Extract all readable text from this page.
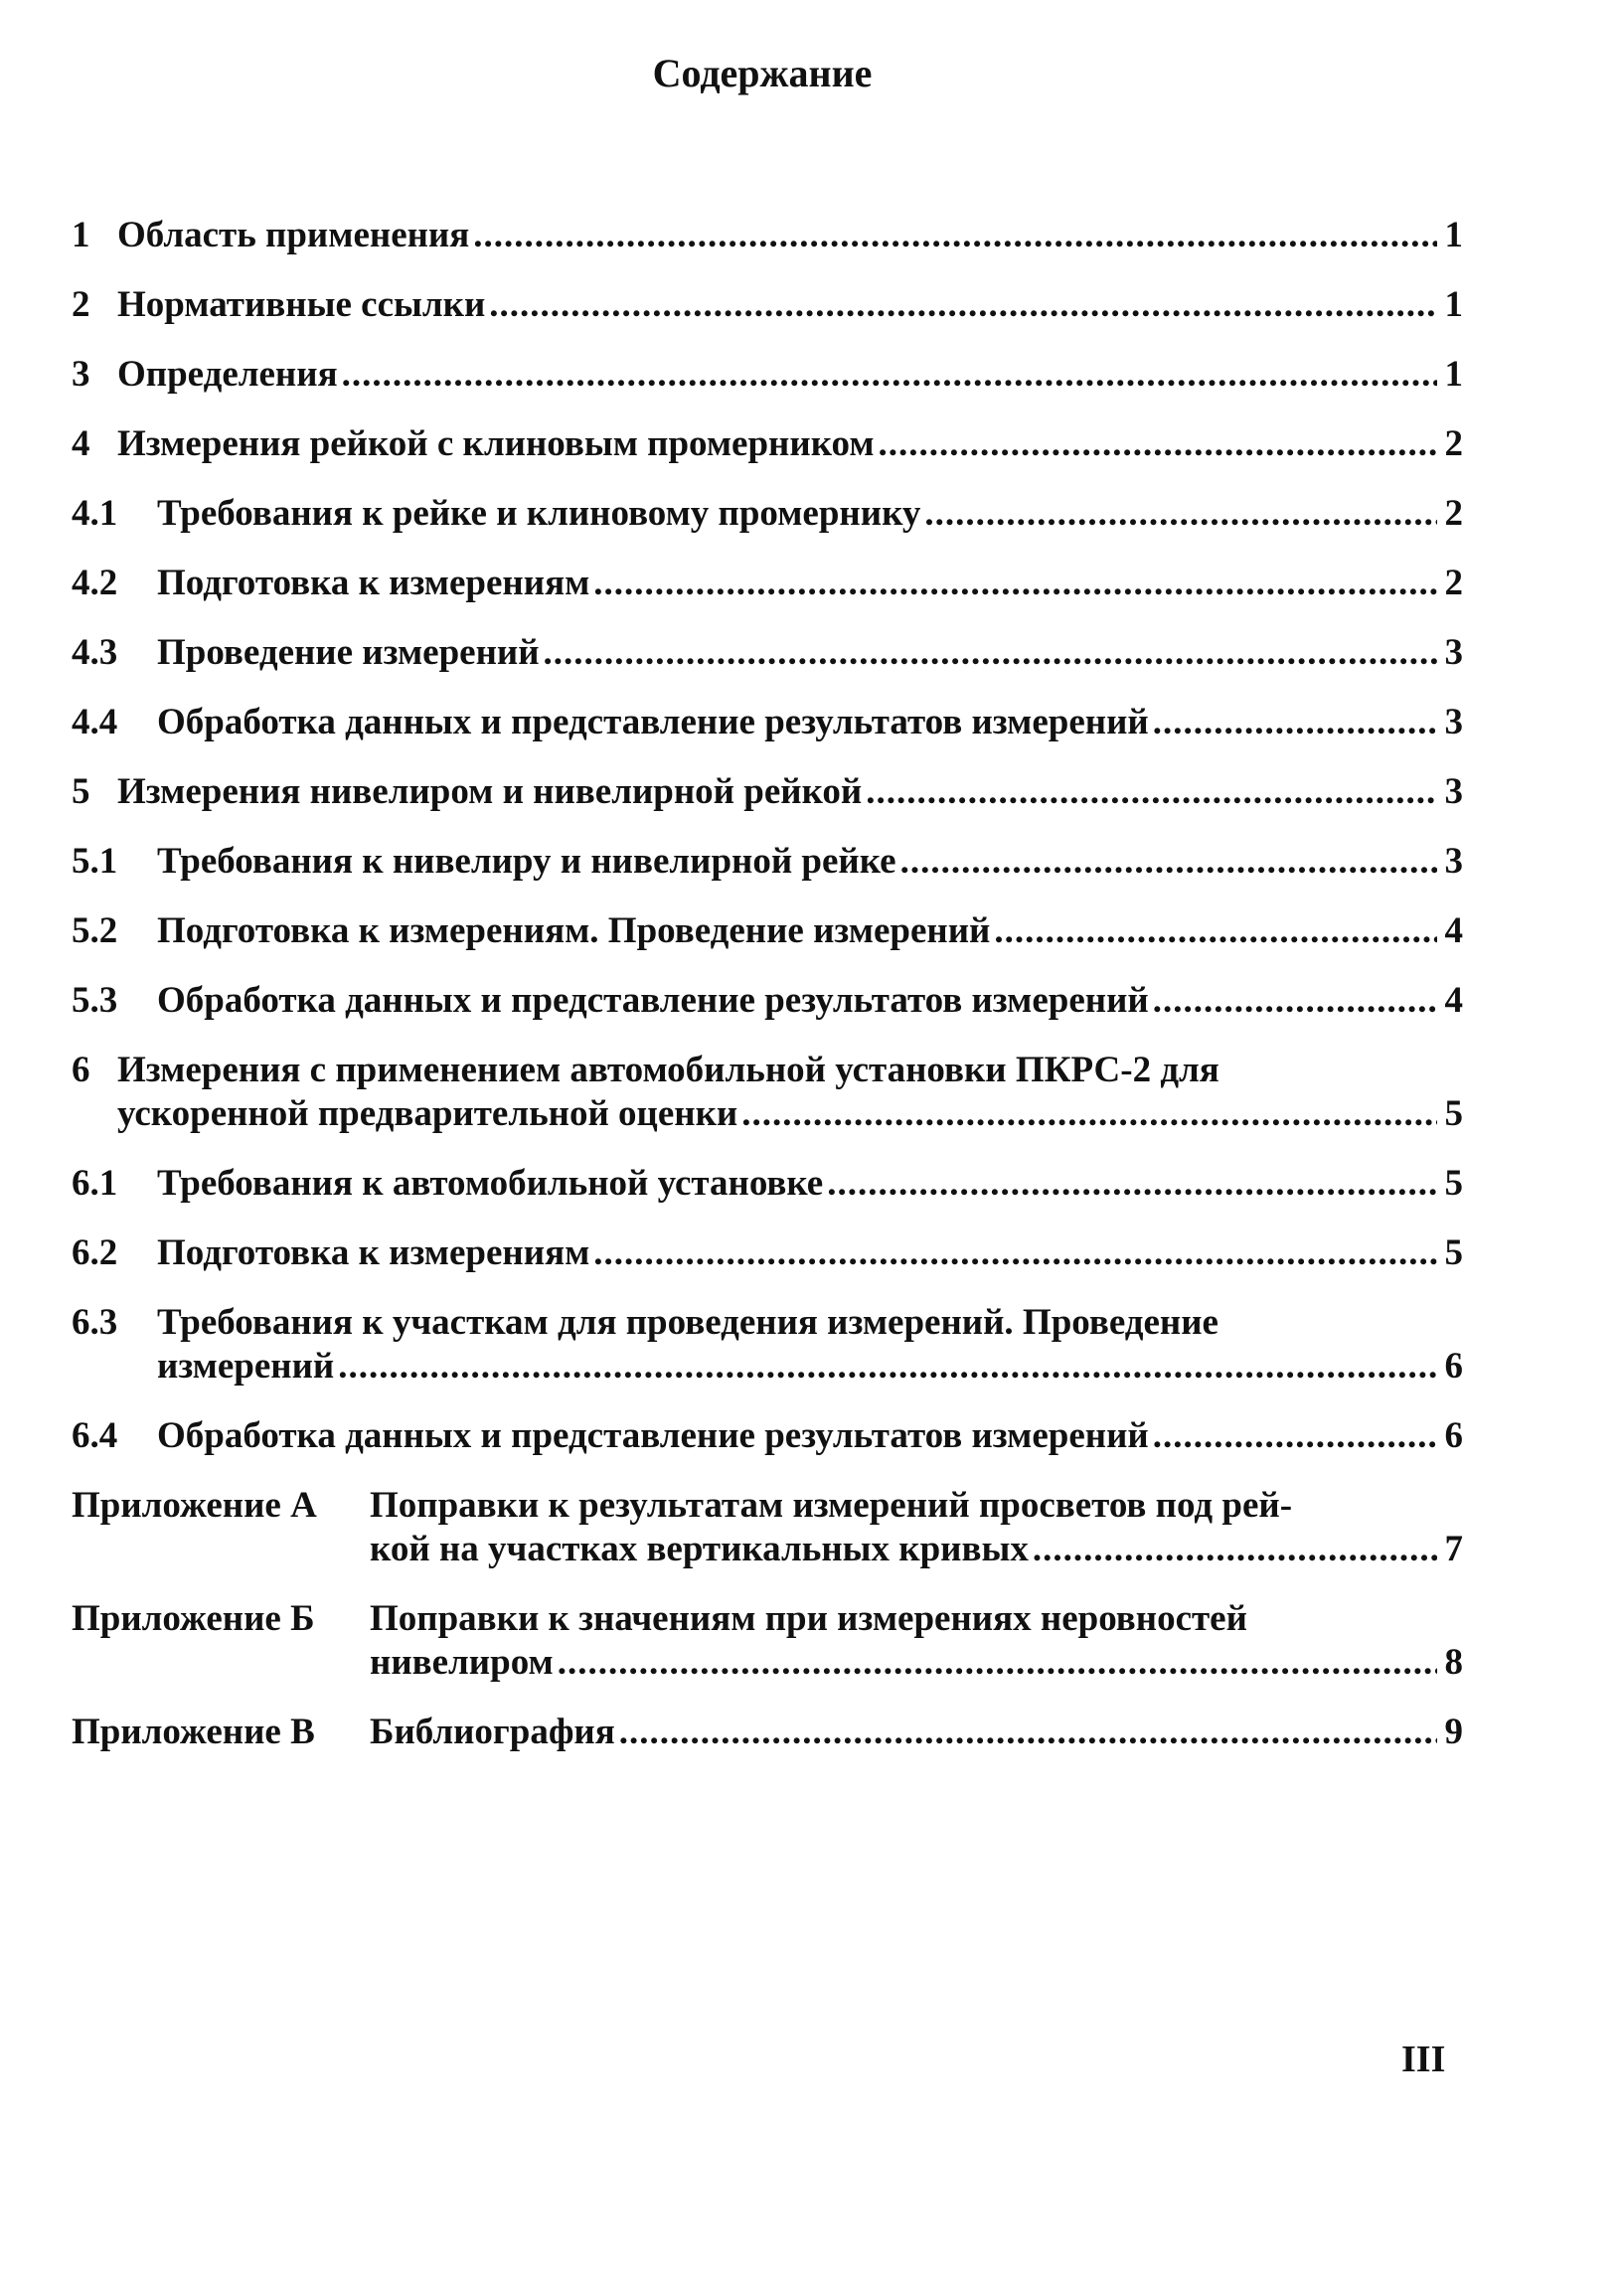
Содержание
1 Область применения .....	1
2 Нормативные ссылки .....	1
3 Определения .....	1
4 Измерения рейкой с клиновым промерником .....	2
4.1	Требования к рейке и клиновому промернику .....	2
4.2	Подготовка к измерениям .....	2
4.3	Проведение измерений .....	3
4.4	Обработка данных и представление результатов измерений .....	3
5 Измерения нивелиром и нивелирной рейкой .....	3
5.1	Требования к нивелиру и нивелирной рейке .....	3
5.2	Подготовка к измерениям. Проведение измерений .....	4
5.3	Обработка данных и представление результатов измерений .....	4
6 Измерения с применением автомобильной установки ПКРС-2 для
ускоренной предварительной оценки .....	5
6.1	Требования к автомобильной установке .....	5
6.2	Подготовка к измерениям .....	5
6.3	Требования к участкам для проведения измерений. Проведение
измерений .....	6
6.4	Обработка данных и представление результатов измерений .....	6
Приложение А	Поправки к результатам измерений просветов под рей-
кой на участках вертикальных кривых .....	7
Приложение Б	Поправки к значениям при измерениях неровностей
нивелиром .....	8
Приложение В	Библиография .....	9
III
